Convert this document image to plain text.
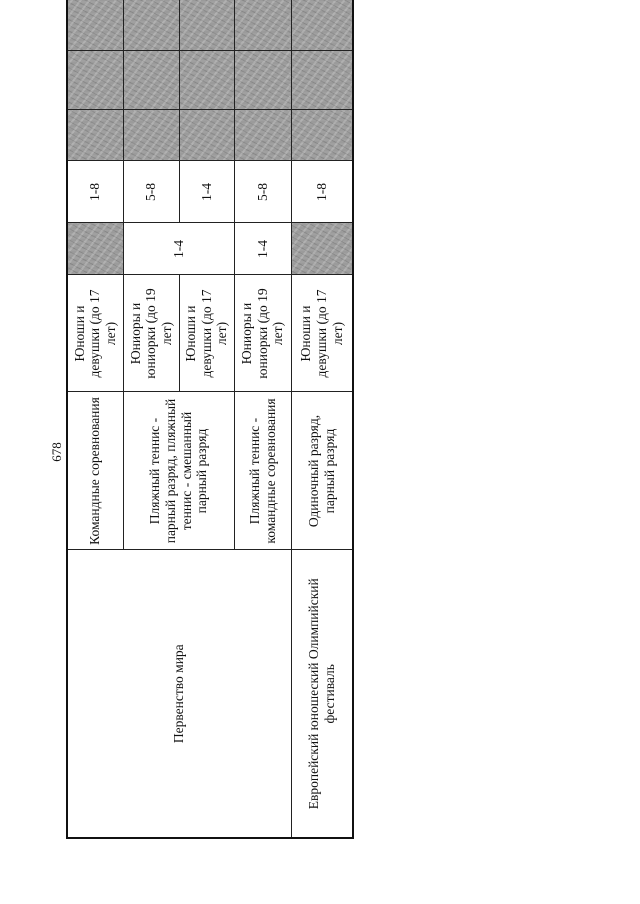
678
Первенство мира	Командные соревнования	Юноши и девушки (до 17 лет)		1-8				
	Пляжный теннис - парный разряд, пляжный теннис - смешанный парный разряд	Юниоры и юниорки (до 19 лет)	1-4	5-8				
		Юноши и девушки (до 17 лет)		1-4				
	Пляжный теннис - командные соревнования	Юниоры и юниорки (до 19 лет)	1-4	5-8				
Европейский юношеский Олимпийский фестиваль	Одиночный разряд, парный разряд	Юноши и девушки (до 17 лет)		1-8				
